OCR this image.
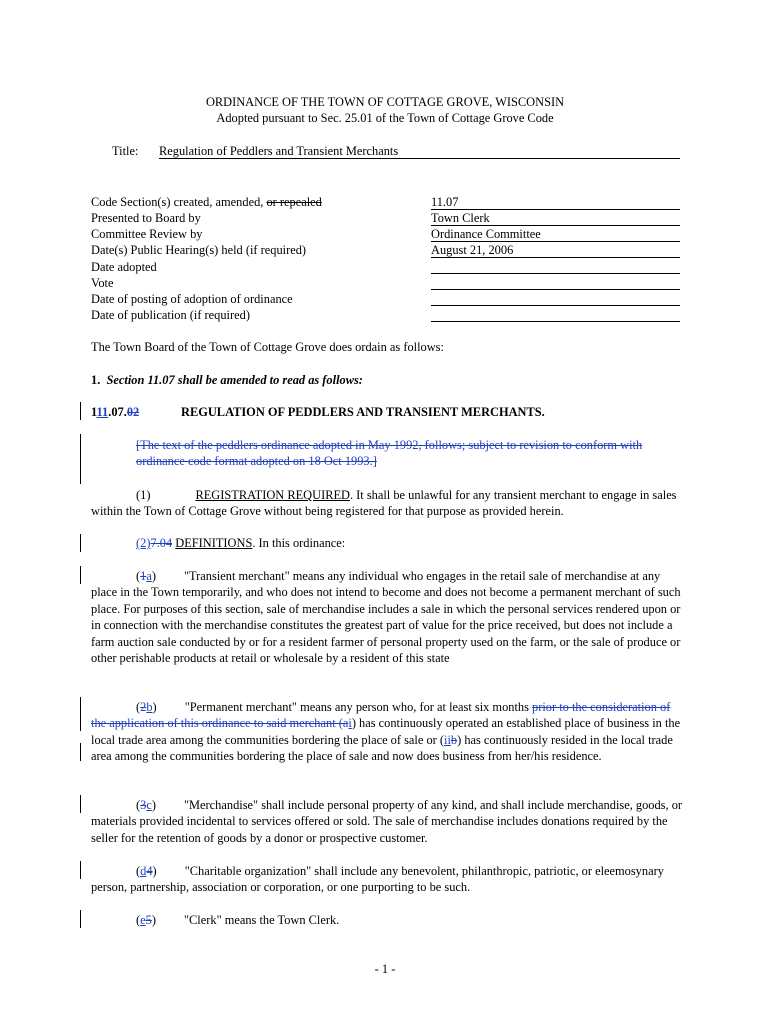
ORDINANCE OF THE TOWN OF COTTAGE GROVE, WISCONSIN
Adopted pursuant to Sec. 25.01 of the Town of Cottage Grove Code
Title: Regulation of Peddlers and Transient Merchants
Code Section(s) created, amended, or repealed	11.07
Presented to Board by	Town Clerk
Committee Review by	Ordinance Committee
Date(s) Public Hearing(s) held (if required)	August 21, 2006
Date adopted
Vote
Date of posting of adoption of ordinance
Date of publication (if required)
The Town Board of the Town of Cottage Grove does ordain as follows:
1. Section 11.07 shall be amended to read as follows:
111.07.02	REGULATION OF PEDDLERS AND TRANSIENT MERCHANTS.
[The text of the peddlers ordinance adopted in May 1992, follows; subject to revision to conform with ordinance code format adopted on 18 Oct 1993.]
(1)	REGISTRATION REQUIRED. It shall be unlawful for any transient merchant to engage in sales within the Town of Cottage Grove without being registered for that purpose as provided herein.
(2)7.04 DEFINITIONS. In this ordinance:
(1a) "Transient merchant" means any individual who engages in the retail sale of merchandise at any place in the Town temporarily, and who does not intend to become and does not become a permanent merchant of such place. For purposes of this section, sale of merchandise includes a sale in which the personal services rendered upon or in connection with the merchandise constitutes the greatest part of value for the price received, but does not include a farm auction sale conducted by or for a resident farmer of personal property used on the farm, or the sale of produce or other perishable products at retail or wholesale by a resident of this state
(2b) "Permanent merchant" means any person who, for at least six months prior to the consideration of the application of this ordinance to said merchant (ai) has continuously operated an established place of business in the local trade area among the communities bordering the place of sale or (iib) has continuously resided in the local trade area among the communities bordering the place of sale and now does business from her/his residence.
(3c) "Merchandise" shall include personal property of any kind, and shall include merchandise, goods, or materials provided incidental to services offered or sold. The sale of merchandise includes donations required by the seller for the retention of goods by a donor or prospective customer.
(d4) "Charitable organization" shall include any benevolent, philanthropic, patriotic, or eleemosynary person, partnership, association or corporation, or one purporting to be such.
(e5) "Clerk" means the Town Clerk.
- 1 -
